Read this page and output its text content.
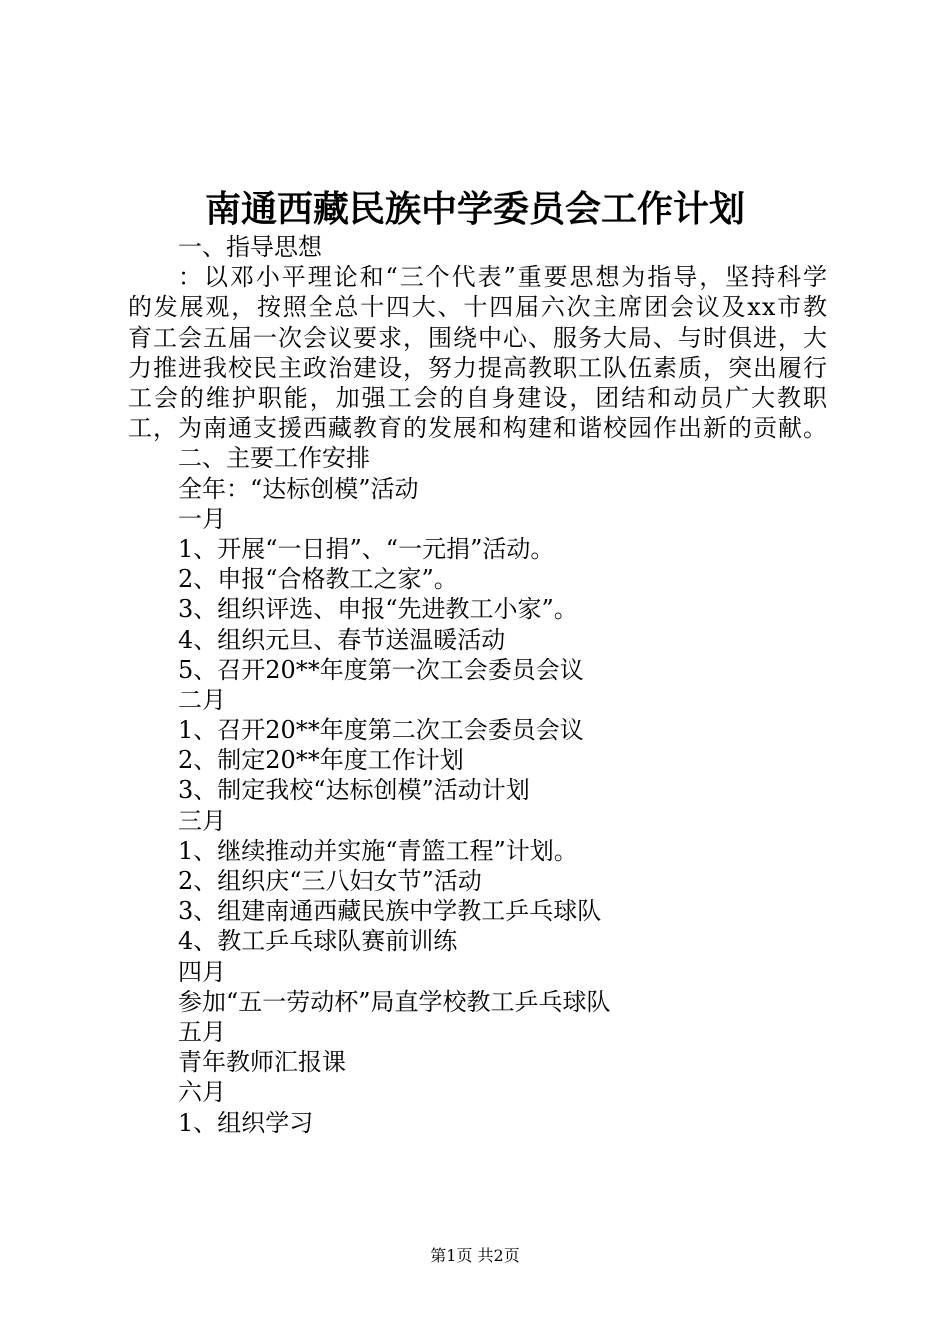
南通西藏民族中学委员会工作计划
一、指导思想
：以邓小平理论和“三个代表”重要思想为指导，坚持科学的发展观，按照全总十四大、十四届六次主席团会议及xx市教育工会五届一次会议要求，围绕中心、服务大局、与时俱进，大力推进我校民主政治建设，努力提高教职工队伍素质，突出履行工会的维护职能，加强工会的自身建设，团结和动员广大教职工，为南通支援西藏教育的发展和构建和谐校园作出新的贡献。
二、主要工作安排
全年：“达标创模”活动
一月
1、开展“一日捐”、“一元捐”活动。
2、申报“合格教工之家”。
3、组织评选、申报“先进教工小家”。
4、组织元旦、春节送温暖活动
5、召开20**年度第一次工会委员会议
二月
1、召开20**年度第二次工会委员会议
2、制定20**年度工作计划
3、制定我校“达标创模”活动计划
三月
1、继续推动并实施“青篮工程”计划。
2、组织庆“三八妇女节”活动
3、组建南通西藏民族中学教工乒乓球队
4、教工乒乓球队赛前训练
四月
参加“五一劳动杯”局直学校教工乒乓球队
五月
青年教师汇报课
六月
1、组织学习
第1页 共2页
